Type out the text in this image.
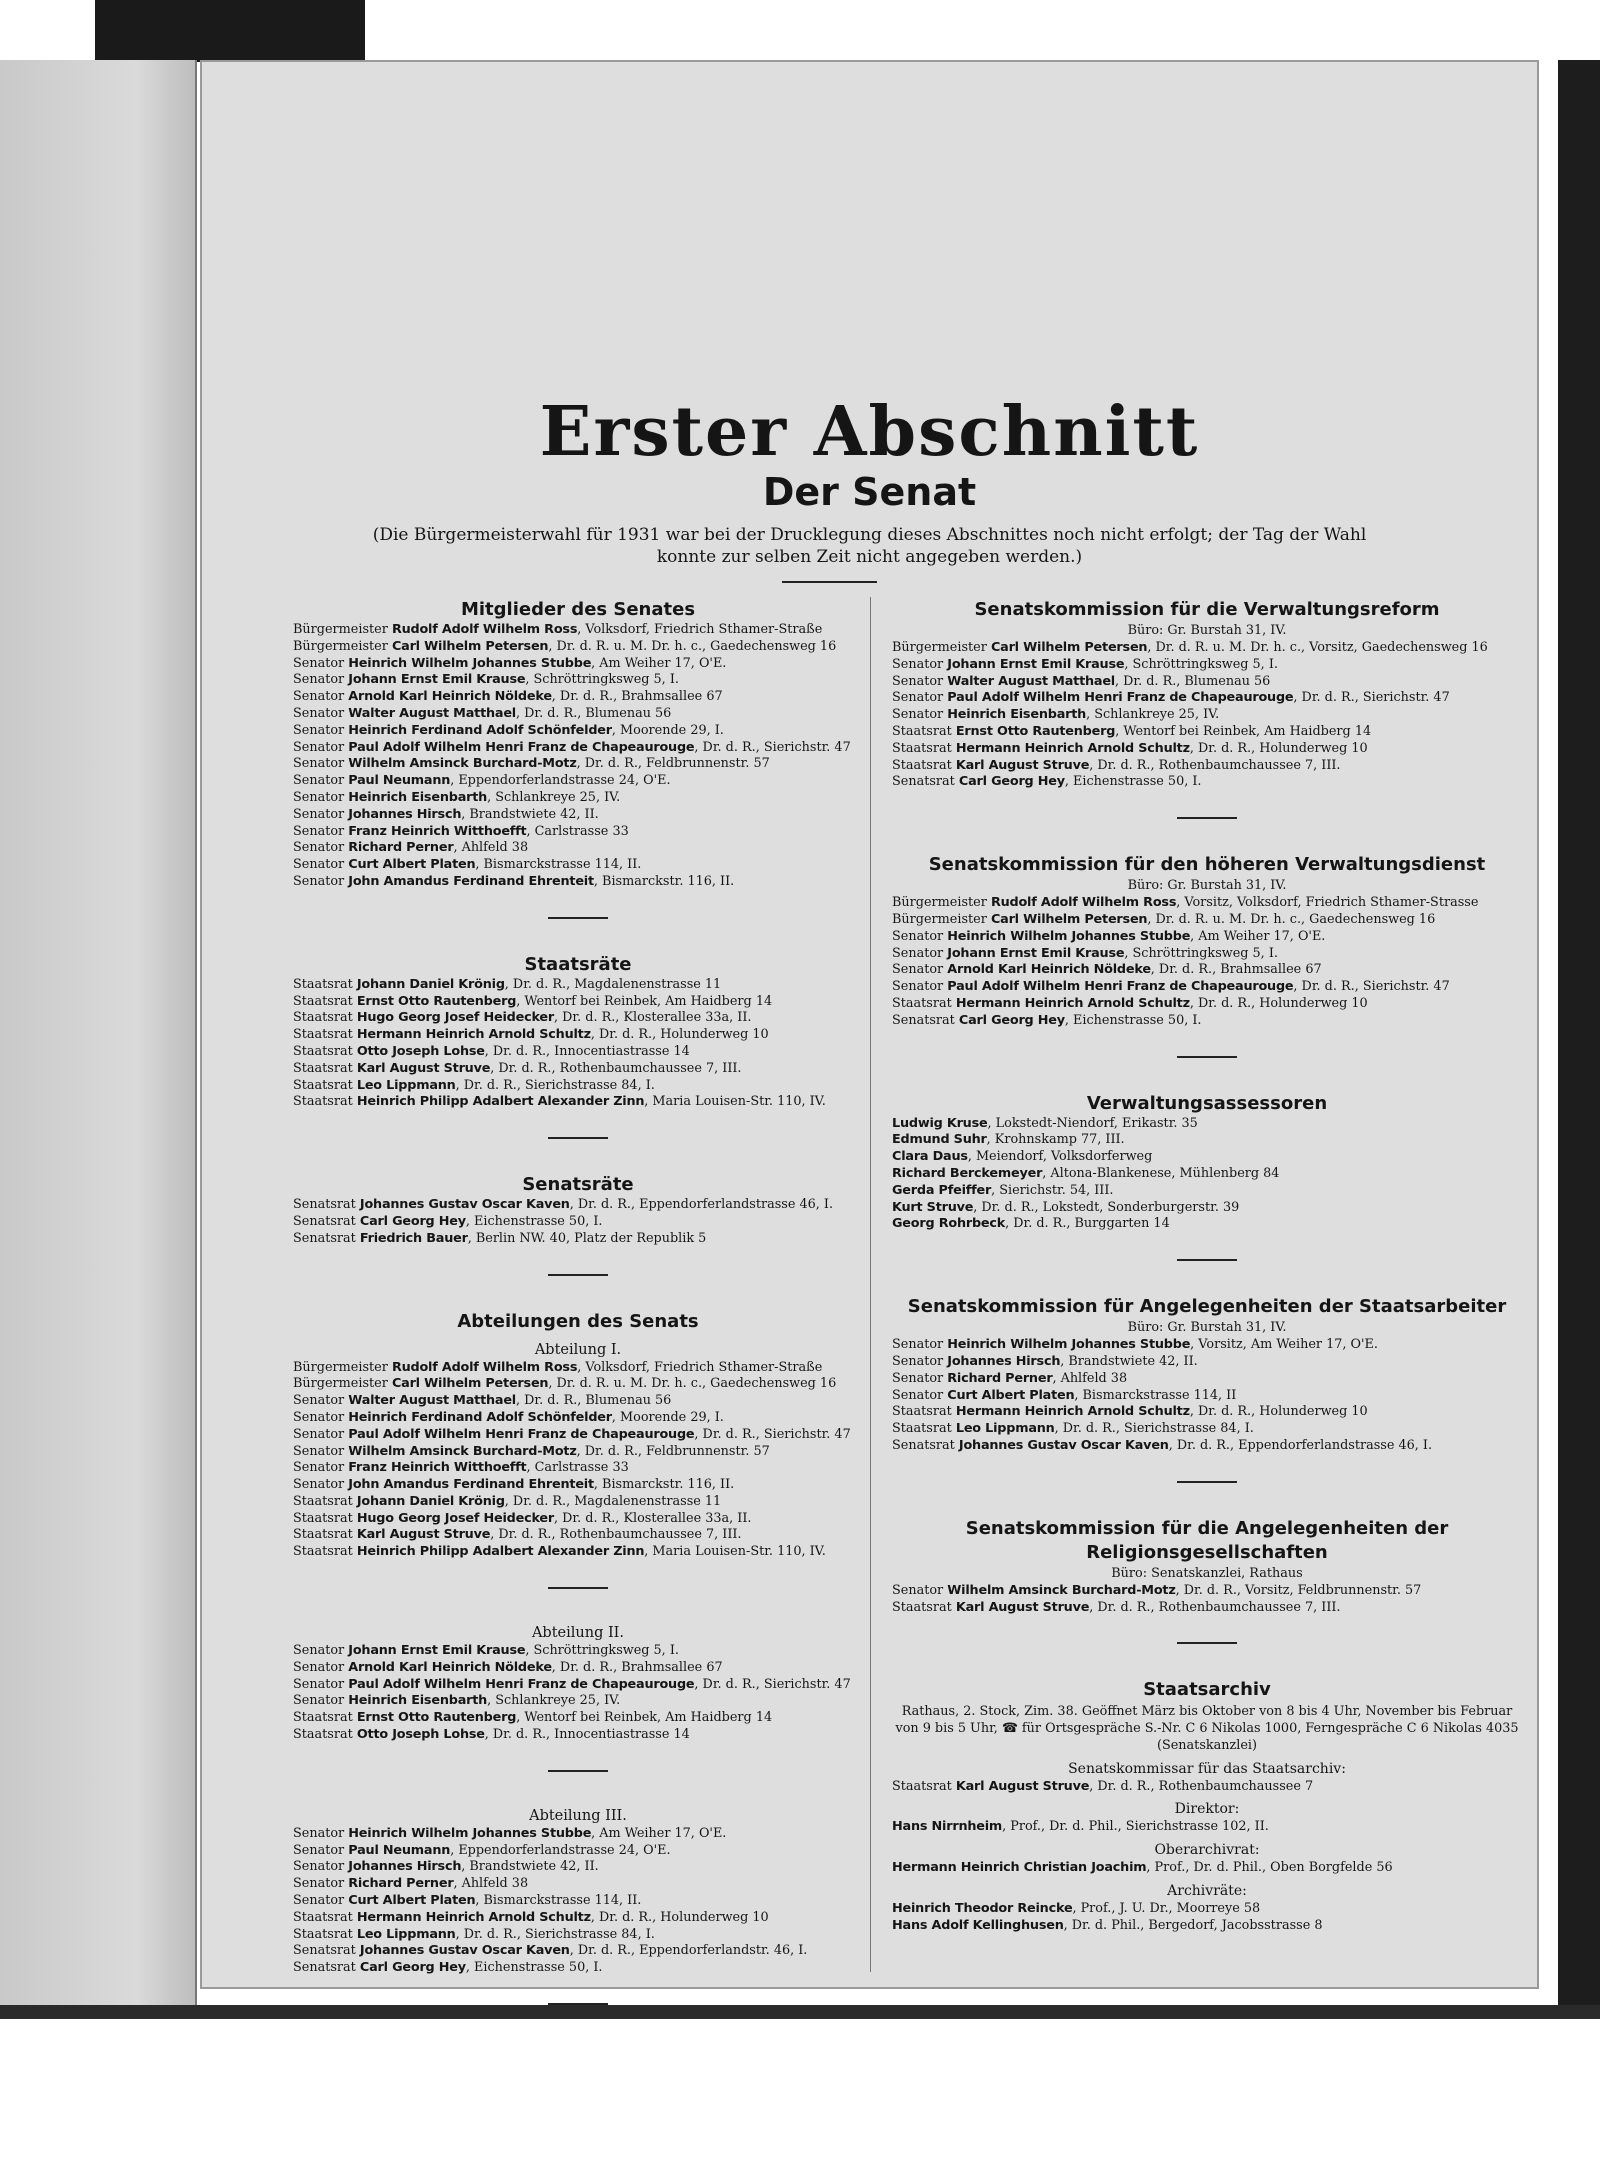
Erster Abschnitt
Der Senat
(Die Bürgermeisterwahl für 1931 war bei der Drucklegung dieses Abschnittes noch nicht erfolgt; der Tag der Wahl konnte zur selben Zeit nicht angegeben werden.)
Mitglieder des Senates
Bürgermeister Rudolf Adolf Wilhelm Ross, Volksdorf, Friedrich Sthamer-Straße
Bürgermeister Carl Wilhelm Petersen, Dr. d. R. u. M. Dr. h. c., Gaedechensweg 16
Senator Heinrich Wilhelm Johannes Stubbe, Am Weiher 17, O'E.
Senator Johann Ernst Emil Krause, Schröttringksweg 5, I.
Senator Arnold Karl Heinrich Nöldeke, Dr. d. R., Brahmsallee 67
Senator Walter August Matthael, Dr. d. R., Blumenau 56
Senator Heinrich Ferdinand Adolf Schönfelder, Moorende 29, I.
Senator Paul Adolf Wilhelm Henri Franz de Chapeaurouge, Dr. d. R., Sierichstr. 47
Senator Wilhelm Amsinck Burchard-Motz, Dr. d. R., Feldbrunnenstr. 57
Senator Paul Neumann, Eppendorferlandstrasse 24, O'E.
Senator Heinrich Eisenbarth, Schlankreye 25, IV.
Senator Johannes Hirsch, Brandstwiete 42, II.
Senator Franz Heinrich Witthoefft, Carlstrasse 33
Senator Richard Perner, Ahlfeld 38
Senator Curt Albert Platen, Bismarckstrasse 114, II.
Senator John Amandus Ferdinand Ehrenteit, Bismarckstr. 116, II.
Staatsräte
Staatsrat Johann Daniel Krönig, Dr. d. R., Magdalenenstrasse 11
Staatsrat Ernst Otto Rautenberg, Wentorf bei Reinbek, Am Haidberg 14
Staatsrat Hugo Georg Josef Heidecker, Dr. d. R., Klosterallee 33a, II.
Staatsrat Hermann Heinrich Arnold Schultz, Dr. d. R., Holunderweg 10
Staatsrat Otto Joseph Lohse, Dr. d. R., Innocentiastrasse 14
Staatsrat Karl August Struve, Dr. d. R., Rothenbaumchaussee 7, III.
Staatsrat Leo Lippmann, Dr. d. R., Sierichstrasse 84, I.
Staatsrat Heinrich Philipp Adalbert Alexander Zinn, Maria Louisen-Str. 110, IV.
Senatsräte
Senatsrat Johannes Gustav Oscar Kaven, Dr. d. R., Eppendorferlandstrasse 46, I.
Senatsrat Carl Georg Hey, Eichenstrasse 50, I.
Senatsrat Friedrich Bauer, Berlin NW. 40, Platz der Republik 5
Abteilungen des Senats
Abteilung I.
Bürgermeister Rudolf Adolf Wilhelm Ross, Volksdorf, Friedrich Sthamer-Straße
Bürgermeister Carl Wilhelm Petersen, Dr. d. R. u. M. Dr. h. c., Gaedechensweg 16
Senator Walter August Matthael, Dr. d. R., Blumenau 56
Senator Heinrich Ferdinand Adolf Schönfelder, Moorende 29, I.
Senator Paul Adolf Wilhelm Henri Franz de Chapeaurouge, Dr. d. R., Sierichstr. 47
Senator Wilhelm Amsinck Burchard-Motz, Dr. d. R., Feldbrunnenstr. 57
Senator Franz Heinrich Witthoefft, Carlstrasse 33
Senator John Amandus Ferdinand Ehrenteit, Bismarckstr. 116, II.
Staatsrat Johann Daniel Krönig, Dr. d. R., Magdalenenstrasse 11
Staatsrat Hugo Georg Josef Heidecker, Dr. d. R., Klosterallee 33a, II.
Staatsrat Karl August Struve, Dr. d. R., Rothenbaumchaussee 7, III.
Staatsrat Heinrich Philipp Adalbert Alexander Zinn, Maria Louisen-Str. 110, IV.
Abteilung II.
Senator Johann Ernst Emil Krause, Schröttringksweg 5, I.
Senator Arnold Karl Heinrich Nöldeke, Dr. d. R., Brahmsallee 67
Senator Paul Adolf Wilhelm Henri Franz de Chapeaurouge, Dr. d. R., Sierichstr. 47
Senator Heinrich Eisenbarth, Schlankreye 25, IV.
Staatsrat Ernst Otto Rautenberg, Wentorf bei Reinbek, Am Haidberg 14
Staatsrat Otto Joseph Lohse, Dr. d. R., Innocentiastrasse 14
Abteilung III.
Senator Heinrich Wilhelm Johannes Stubbe, Am Weiher 17, O'E.
Senator Paul Neumann, Eppendorferlandstrasse 24, O'E.
Senator Johannes Hirsch, Brandstwiete 42, II.
Senator Richard Perner, Ahlfeld 38
Senator Curt Albert Platen, Bismarckstrasse 114, II.
Staatsrat Hermann Heinrich Arnold Schultz, Dr. d. R., Holunderweg 10
Staatsrat Leo Lippmann, Dr. d. R., Sierichstrasse 84, I.
Senatsrat Johannes Gustav Oscar Kaven, Dr. d. R., Eppendorferlandstr. 46, I.
Senatsrat Carl Georg Hey, Eichenstrasse 50, I.
Senatskommission für die Verwaltungsreform
Büro: Gr. Burstah 31, IV.
Bürgermeister Carl Wilhelm Petersen, Dr. d. R. u. M. Dr. h. c., Vorsitz, Gaedechensweg 16
Senator Johann Ernst Emil Krause, Schröttringksweg 5, I.
Senator Walter August Matthael, Dr. d. R., Blumenau 56
Senator Paul Adolf Wilhelm Henri Franz de Chapeaurouge, Dr. d. R., Sierichstr. 47
Senator Heinrich Eisenbarth, Schlankreye 25, IV.
Staatsrat Ernst Otto Rautenberg, Wentorf bei Reinbek, Am Haidberg 14
Staatsrat Hermann Heinrich Arnold Schultz, Dr. d. R., Holunderweg 10
Staatsrat Karl August Struve, Dr. d. R., Rothenbaumchaussee 7, III.
Senatsrat Carl Georg Hey, Eichenstrasse 50, I.
Senatskommission für den höheren Verwaltungsdienst
Büro: Gr. Burstah 31, IV.
Bürgermeister Rudolf Adolf Wilhelm Ross, Vorsitz, Volksdorf, Friedrich Sthamer-Strasse
Bürgermeister Carl Wilhelm Petersen, Dr. d. R. u. M. Dr. h. c., Gaedechensweg 16
Senator Heinrich Wilhelm Johannes Stubbe, Am Weiher 17, O'E.
Senator Johann Ernst Emil Krause, Schröttringksweg 5, I.
Senator Arnold Karl Heinrich Nöldeke, Dr. d. R., Brahmsallee 67
Senator Paul Adolf Wilhelm Henri Franz de Chapeaurouge, Dr. d. R., Sierichstr. 47
Staatsrat Hermann Heinrich Arnold Schultz, Dr. d. R., Holunderweg 10
Senatsrat Carl Georg Hey, Eichenstrasse 50, I.
Verwaltungsassessoren
Ludwig Kruse, Lokstedt-Niendorf, Erikastr. 35
Edmund Suhr, Krohnskamp 77, III.
Clara Daus, Meiendorf, Volksdorferweg
Richard Berckemeyer, Altona-Blankenese, Mühlenberg 84
Gerda Pfeiffer, Sierichstr. 54, III.
Kurt Struve, Dr. d. R., Lokstedt, Sonderburgerstr. 39
Georg Rohrbeck, Dr. d. R., Burggarten 14
Senatskommission für Angelegenheiten der Staatsarbeiter
Büro: Gr. Burstah 31, IV.
Senator Heinrich Wilhelm Johannes Stubbe, Vorsitz, Am Weiher 17, O'E.
Senator Johannes Hirsch, Brandstwiete 42, II.
Senator Richard Perner, Ahlfeld 38
Senator Curt Albert Platen, Bismarckstrasse 114, II
Staatsrat Hermann Heinrich Arnold Schultz, Dr. d. R., Holunderweg 10
Staatsrat Leo Lippmann, Dr. d. R., Sierichstrasse 84, I.
Senatsrat Johannes Gustav Oscar Kaven, Dr. d. R., Eppendorferlandstrasse 46, I.
Senatskommission für die Angelegenheiten der Religionsgesellschaften
Büro: Senatskanzlei, Rathaus
Senator Wilhelm Amsinck Burchard-Motz, Dr. d. R., Vorsitz, Feldbrunnenstr. 57
Staatsrat Karl August Struve, Dr. d. R., Rothenbaumchaussee 7, III.
Staatsarchiv
Rathaus, 2. Stock, Zim. 38. Geöffnet März bis Oktober von 8 bis 4 Uhr, November bis Februar von 9 bis 5 Uhr, ☎ für Ortsgespräche S.-Nr. C 6 Nikolas 1000, Ferngespräche C 6 Nikolas 4035 (Senatskanzlei)
Senatskommissar für das Staatsarchiv:
Staatsrat Karl August Struve, Dr. d. R., Rothenbaumchaussee 7
Direktor:
Hans Nirrnheim, Prof., Dr. d. Phil., Sierichstrasse 102, II.
Oberarchivrat:
Hermann Heinrich Christian Joachim, Prof., Dr. d. Phil., Oben Borgfelde 56
Archivräte:
Heinrich Theodor Reincke, Prof., J. U. Dr., Moorreye 58
Hans Adolf Kellinghusen, Dr. d. Phil., Bergedorf, Jacobsstrasse 8
